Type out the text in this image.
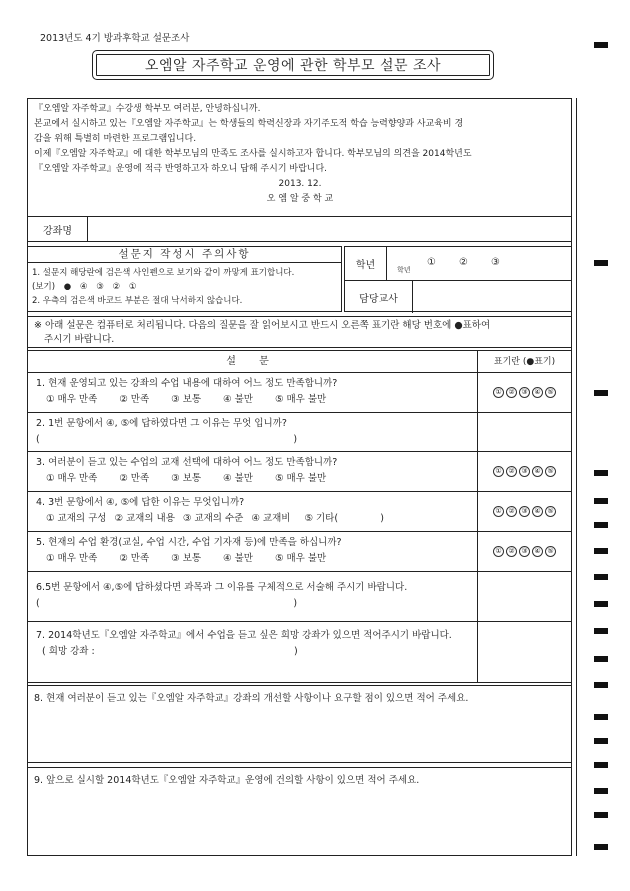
2013년도 4기 방과후학교 설문조사
오엠알 자주학교 운영에 관한 학부모 설문 조사
『오엠알 자주학교』수강생 학부모 여러분, 안녕하십니까.
본교에서 실시하고 있는『오엠알 자주학교』는 학생들의 학력신장과 자기주도적 학습 능력향양과 사교육비 경
감을 위해 특별히 마련한 프로그램입니다.
이제『오엠알 자주학교』에 대한 학부모님의 만족도 조사를 실시하고자 합니다. 학부모님의 의견을 2014학년도
『오엠알 자주학교』운영에 적극 반영하고자 하오니 답해 주시기 바랍니다.
2013. 12.
오 엠 알 중 학 교
강좌명
설문지 작성시 주의사항
1. 설문지 해당란에 검은색 사인펜으로 보기와 같이 까맣게 표기합니다.
(보기) ● ④ ③ ② ①
2. 우측의 검은색 바코드 부분은 절대 낙서하지 않습니다.
학년	학년
① ② ③
담당교사
※ 아래 설문은 컴퓨터로 처리됩니다. 다음의 질문을 잘 읽어보시고 반드시 오른쪽 표기란 해당 번호에 ●표하여
주시기 바랍니다.
설 문	표기란 (●표기)
1. 현재 운영되고 있는 강좌의 수업 내용에 대하여 어느 정도 만족합니까?
① 매우 만족 ② 만족 ③ 보통 ④ 불만 ⑤ 매우 불만
① ② ③ ④ ⑤
2. 1번 문항에서 ④, ⑤에 답하였다면 그 이유는 무엇 입니까?
(                                                                                    )
3. 여러분이 듣고 있는 수업의 교재 선택에 대하여 어느 정도 만족합니까?
① 매우 만족 ② 만족 ③ 보통 ④ 불만 ⑤ 매우 불만
① ② ③ ④ ⑤
4. 3번 문항에서 ④, ⑤에 답한 이유는 무엇입니까?
① 교재의 구성 ② 교재의 내용 ③ 교재의 수준 ④ 교재비 ⑤ 기타(              )
① ② ③ ④ ⑤
5. 현재의 수업 환경(교실, 수업 시간, 수업 기자재 등)에 만족을 하십니까?
① 매우 만족 ② 만족 ③ 보통 ④ 불만 ⑤ 매우 불만
① ② ③ ④ ⑤
6.5번 문항에서 ④,⑤에 답하셨다면 과목과 그 이유를 구체적으로 서술해 주시기 바랍니다.
(                                                                                    )
7. 2014학년도『오엠알 자주학교』에서 수업을 듣고 싶은 희망 강좌가 있으면 적어주시기 바랍니다.
( 희망 강좌 :                                                                  )
8. 현재 여러분이 듣고 있는『오엠알 자주학교』강좌의 개선할 사항이나 요구할 점이 있으면 적어 주세요.
9. 앞으로 실시할 2014학년도『오엠알 자주학교』운영에 건의할 사항이 있으면 적어 주세요.
